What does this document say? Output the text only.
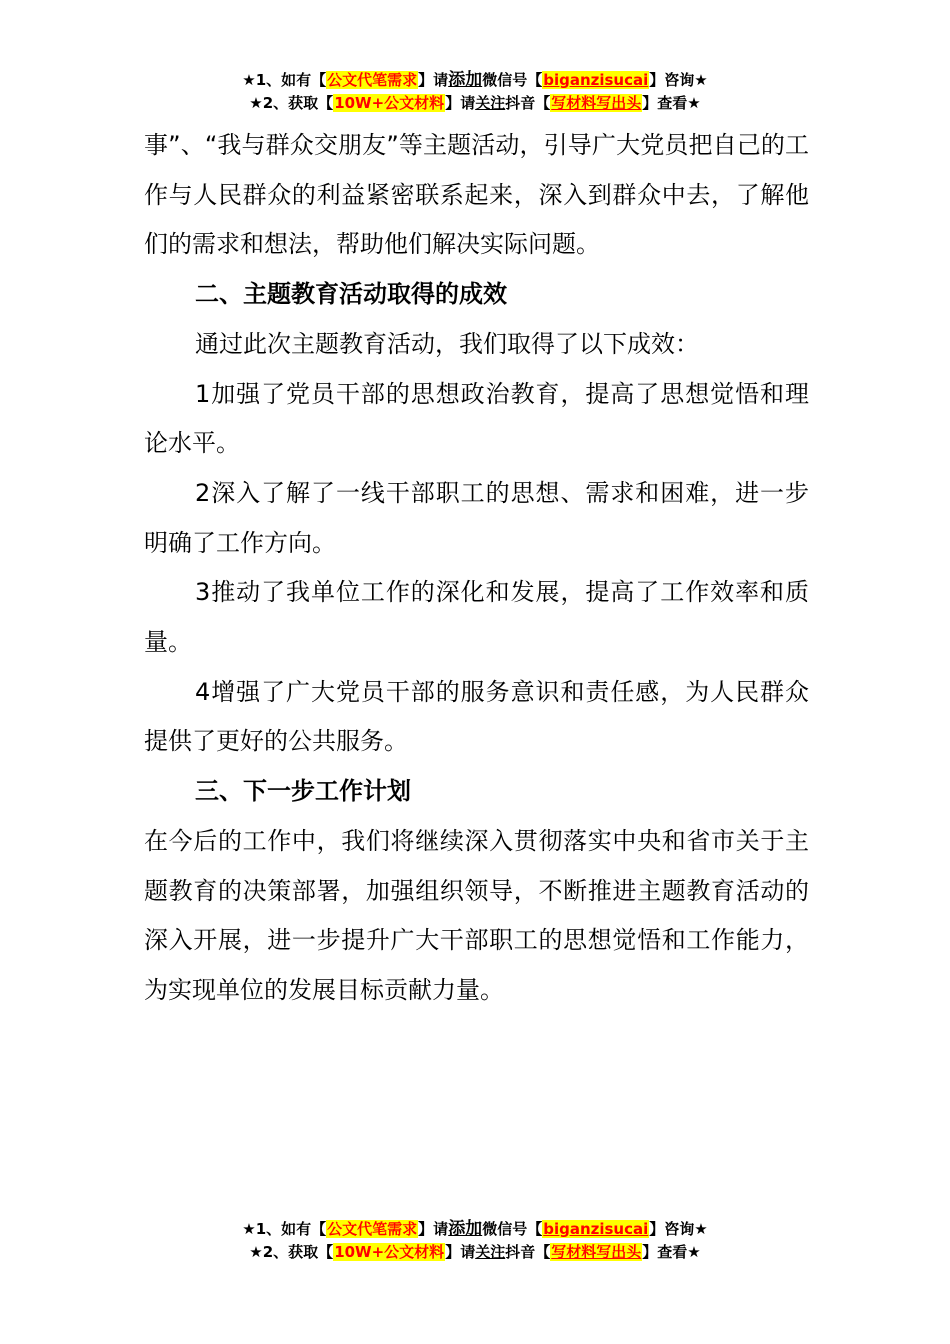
★1、如有【公文代笔需求】请添加微信号【biganzisucai】咨询★
★2、获取【10W+公文材料】请关注抖音【写材料写出头】查看★

事”、“我与群众交朋友”等主题活动，引导广大党员把自己的工作与人民群众的利益紧密联系起来，深入到群众中去，了解他们的需求和想法，帮助他们解决实际问题。

二、主题教育活动取得的成效

通过此次主题教育活动，我们取得了以下成效：

1加强了党员干部的思想政治教育，提高了思想觉悟和理论水平。

2深入了解了一线干部职工的思想、需求和困难，进一步明确了工作方向。

3推动了我单位工作的深化和发展，提高了工作效率和质量。

4增强了广大党员干部的服务意识和责任感，为人民群众提供了更好的公共服务。

三、下一步工作计划

在今后的工作中，我们将继续深入贯彻落实中央和省市关于主题教育的决策部署，加强组织领导，不断推进主题教育活动的深入开展，进一步提升广大干部职工的思想觉悟和工作能力，为实现单位的发展目标贡献力量。

★1、如有【公文代笔需求】请添加微信号【biganzisucai】咨询★
★2、获取【10W+公文材料】请关注抖音【写材料写出头】查看★
